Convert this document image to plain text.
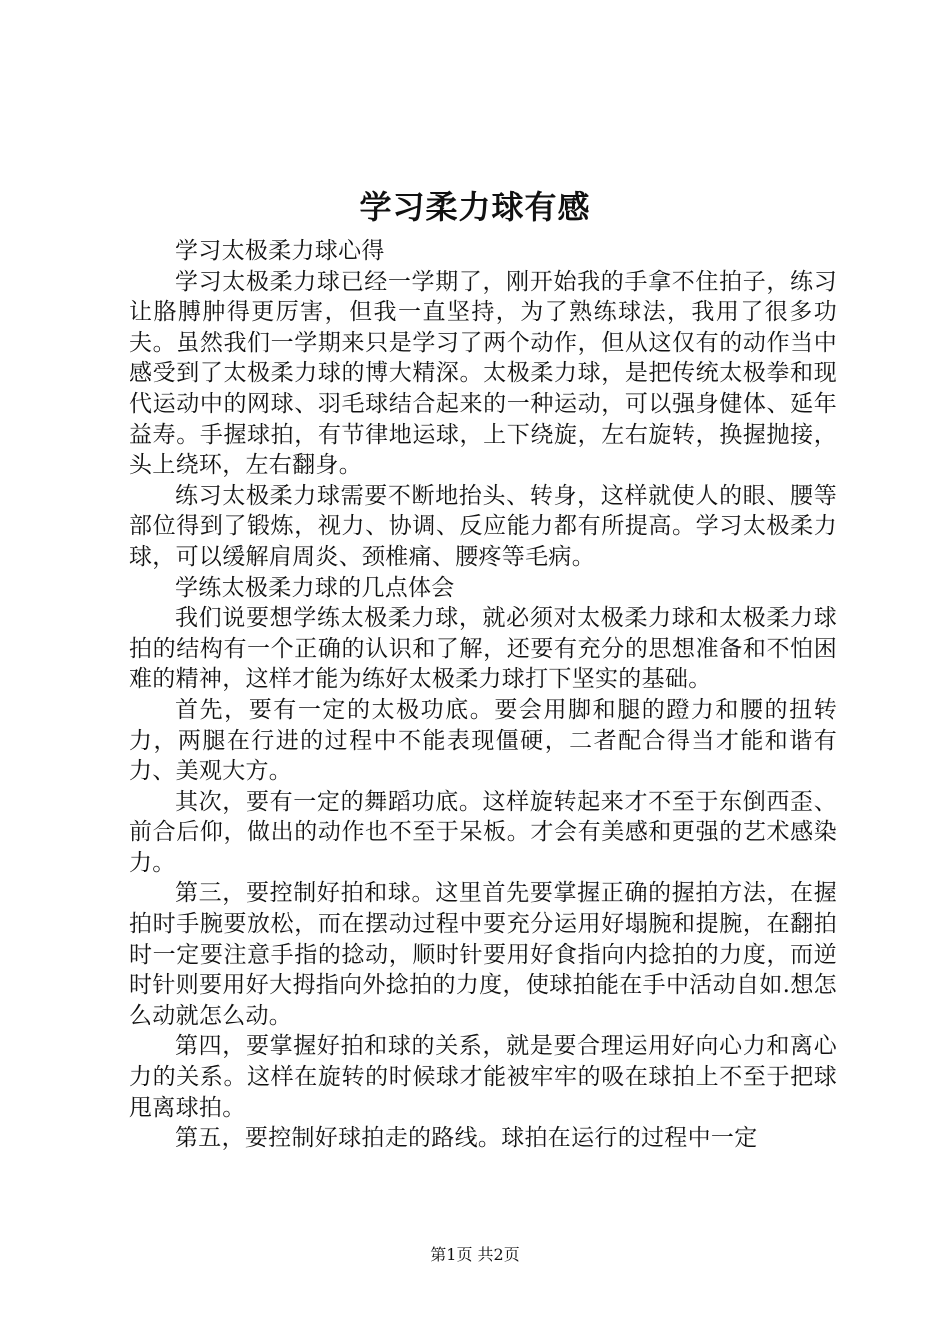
学习柔力球有感

学习太极柔力球心得

学习太极柔力球已经一学期了，刚开始我的手拿不住拍子，练习让胳膊肿得更厉害，但我一直坚持，为了熟练球法，我用了很多功夫。虽然我们一学期来只是学习了两个动作，但从这仅有的动作当中感受到了太极柔力球的博大精深。太极柔力球，是把传统太极拳和现代运动中的网球、羽毛球结合起来的一种运动，可以强身健体、延年益寿。手握球拍，有节律地运球，上下绕旋，左右旋转，换握抛接，头上绕环，左右翻身。

练习太极柔力球需要不断地抬头、转身，这样就使人的眼、腰等部位得到了锻炼，视力、协调、反应能力都有所提高。学习太极柔力球，可以缓解肩周炎、颈椎痛、腰疼等毛病。

学练太极柔力球的几点体会

我们说要想学练太极柔力球，就必须对太极柔力球和太极柔力球拍的结构有一个正确的认识和了解，还要有充分的思想准备和不怕困难的精神，这样才能为练好太极柔力球打下坚实的基础。

首先，要有一定的太极功底。要会用脚和腿的蹬力和腰的扭转力，两腿在行进的过程中不能表现僵硬，二者配合得当才能和谐有力、美观大方。

其次，要有一定的舞蹈功底。这样旋转起来才不至于东倒西歪、前合后仰，做出的动作也不至于呆板。才会有美感和更强的艺术感染力。

第三，要控制好拍和球。这里首先要掌握正确的握拍方法，在握拍时手腕要放松，而在摆动过程中要充分运用好塌腕和提腕，在翻拍时一定要注意手指的捻动，顺时针要用好食指向内捻拍的力度，而逆时针则要用好大拇指向外捻拍的力度，使球拍能在手中活动自如.想怎么动就怎么动。

第四，要掌握好拍和球的关系，就是要合理运用好向心力和离心力的关系。这样在旋转的时候球才能被牢牢的吸在球拍上不至于把球甩离球拍。

第五，要控制好球拍走的路线。球拍在运行的过程中一定

第1页 共2页
